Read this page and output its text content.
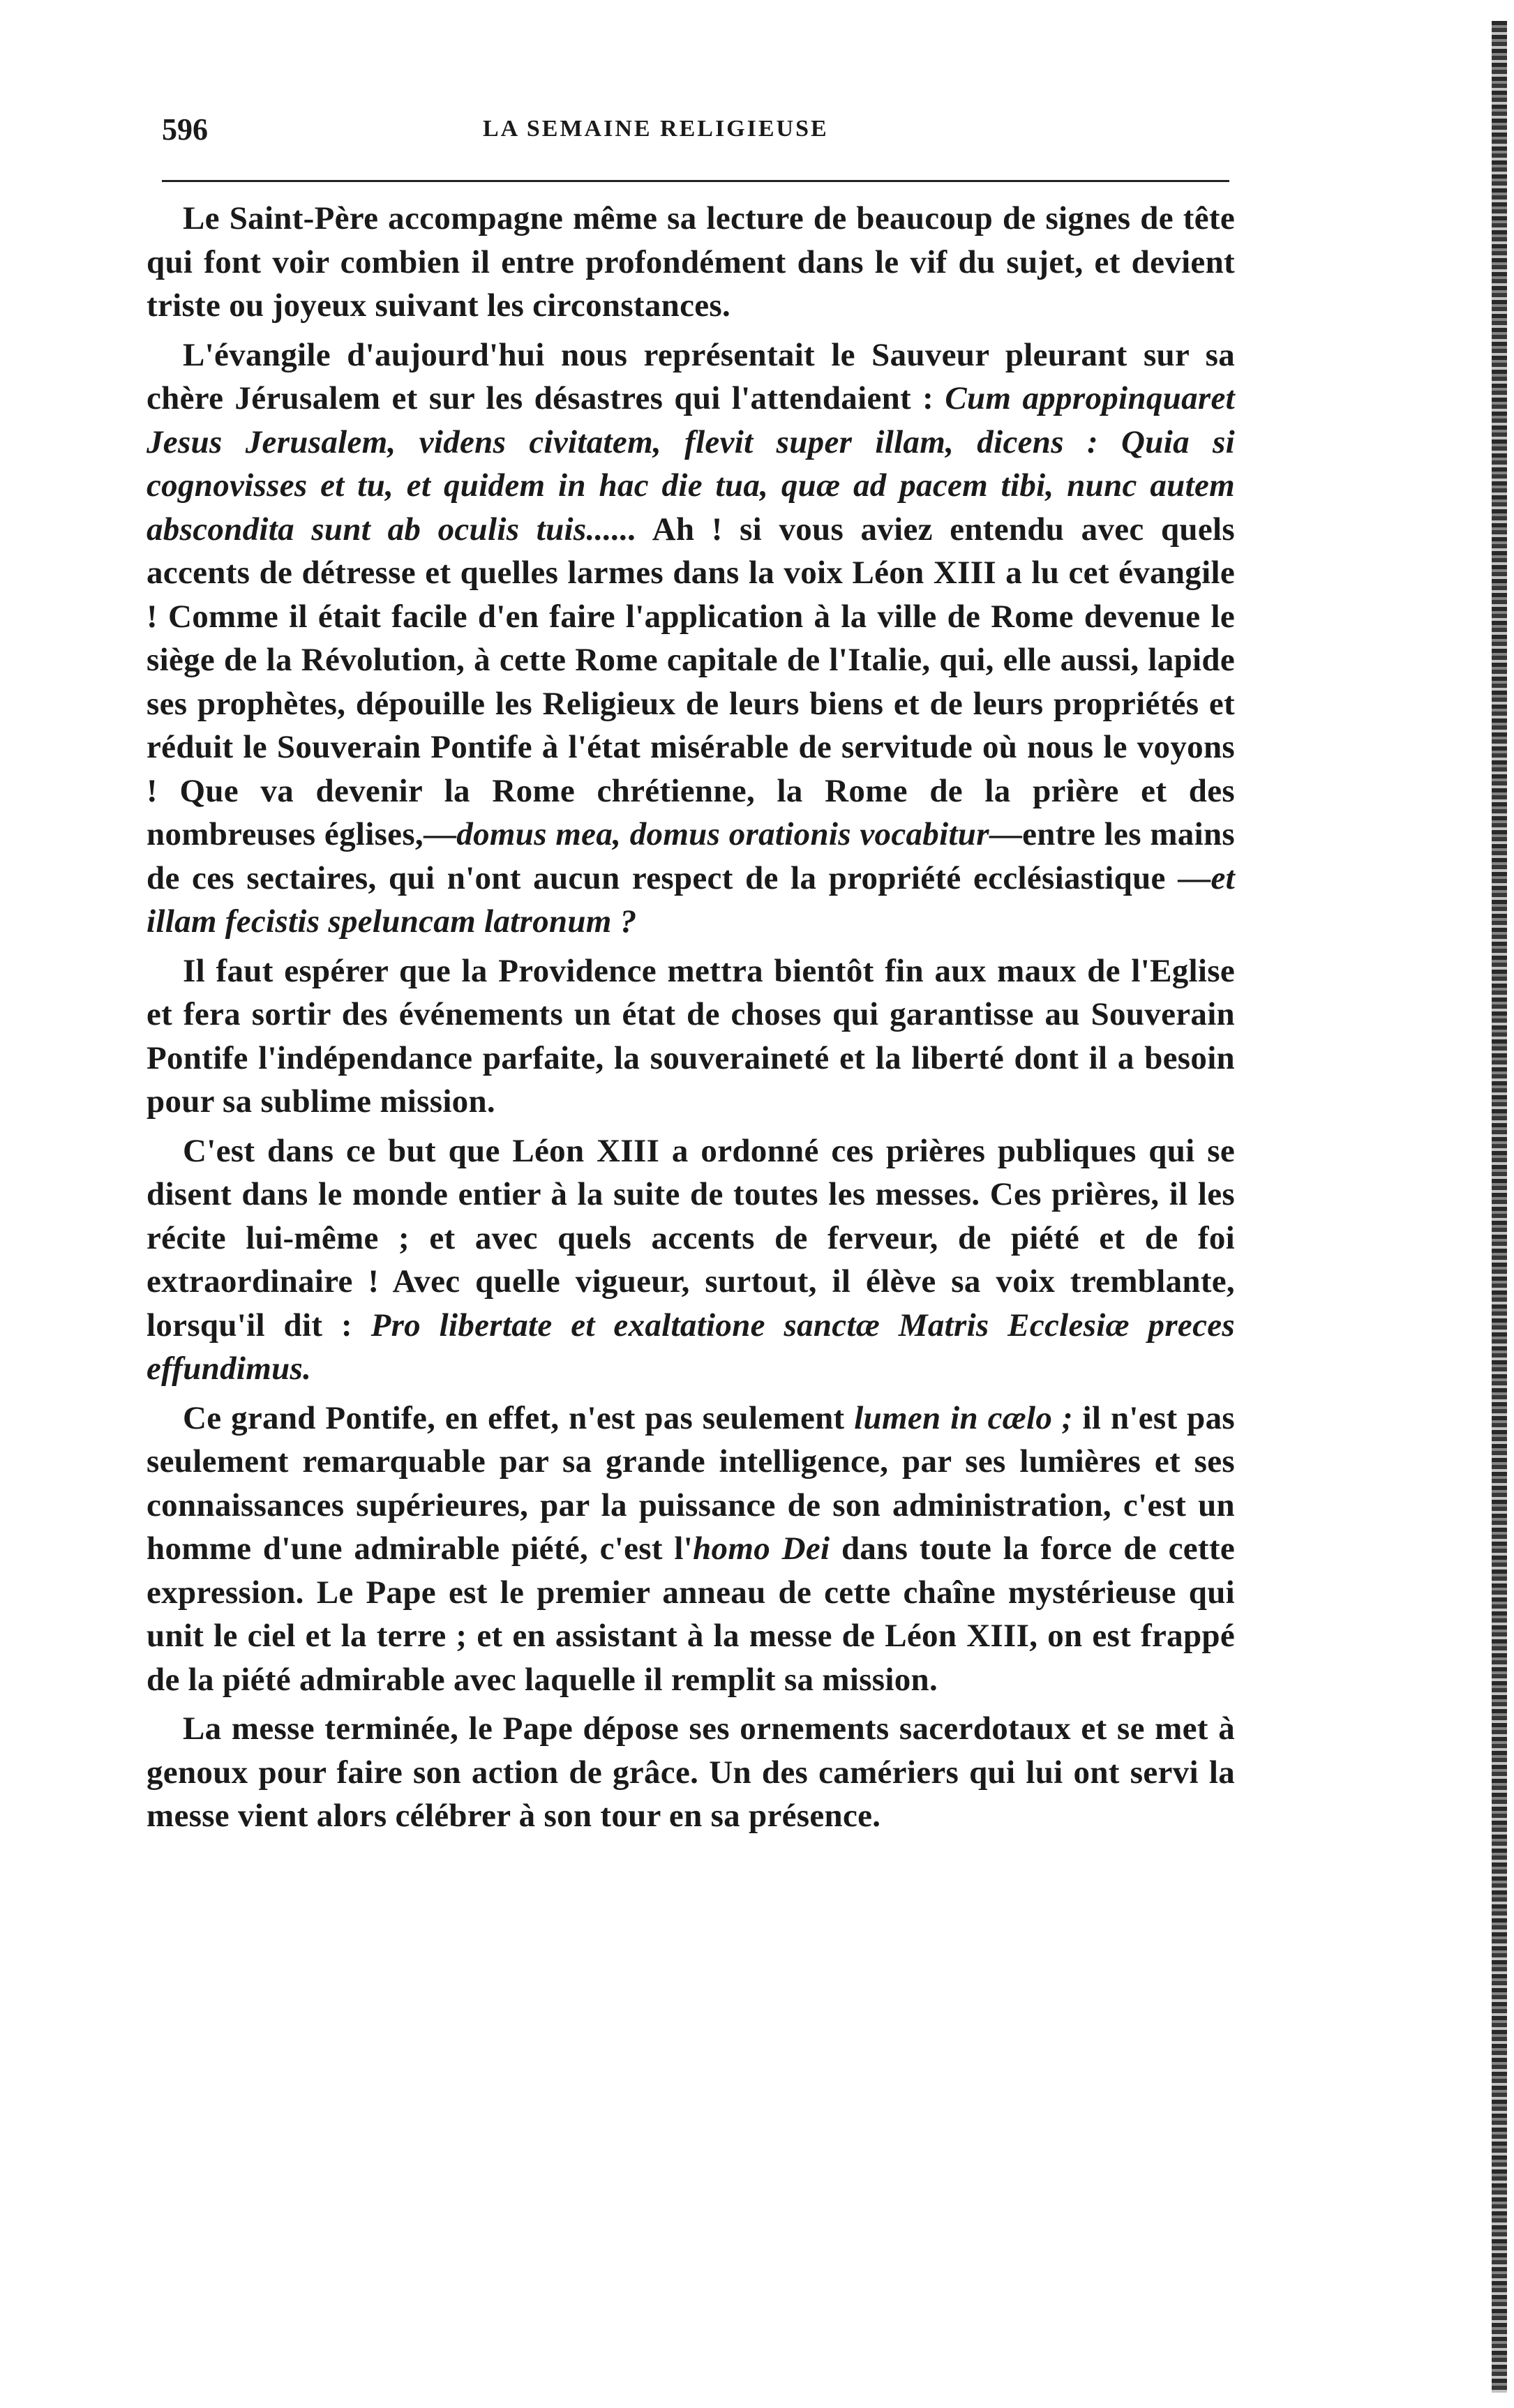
596	LA SEMAINE RELIGIEUSE

Le Saint-Père accompagne même sa lecture de beaucoup de signes de tête qui font voir combien il entre profondément dans le vif du sujet, et devient triste ou joyeux suivant les circonstances.

L'évangile d'aujourd'hui nous représentait le Sauveur pleurant sur sa chère Jérusalem et sur les désastres qui l'attendaient : Cum appropinquaret Jesus Jerusalem, videns civitatem, flevit super illam, dicens : Quia si cognovisses et tu, et quidem in hac die tua, quæ ad pacem tibi, nunc autem abscondita sunt ab oculis tuis...... Ah ! si vous aviez entendu avec quels accents de détresse et quelles larmes dans la voix Léon XIII a lu cet évangile ! Comme il était facile d'en faire l'application à la ville de Rome devenue le siège de la Révolution, à cette Rome capitale de l'Italie, qui, elle aussi, lapide ses prophètes, dépouille les Religieux de leurs biens et de leurs propriétés et réduit le Souverain Pontife à l'état misérable de servitude où nous le voyons ! Que va devenir la Rome chrétienne, la Rome de la prière et des nombreuses églises,—domus mea, domus orationis vocabitur—entre les mains de ces sectaires, qui n'ont aucun respect de la propriété ecclésiastique —et illam fecistis speluncam latronum ?

Il faut espérer que la Providence mettra bientôt fin aux maux de l'Eglise et fera sortir des événements un état de choses qui garantisse au Souverain Pontife l'indépendance parfaite, la souveraineté et la liberté dont il a besoin pour sa sublime mission.

C'est dans ce but que Léon XIII a ordonné ces prières publiques qui se disent dans le monde entier à la suite de toutes les messes. Ces prières, il les récite lui-même ; et avec quels accents de ferveur, de piété et de foi extraordinaire ! Avec quelle vigueur, surtout, il élève sa voix tremblante, lorsqu'il dit : Pro libertate et exaltatione sanctæ Matris Ecclesiæ preces effundimus.

Ce grand Pontife, en effet, n'est pas seulement lumen in cælo ; il n'est pas seulement remarquable par sa grande intelligence, par ses lumières et ses connaissances supérieures, par la puissance de son administration, c'est un homme d'une admirable piété, c'est l'homo Dei dans toute la force de cette expression. Le Pape est le premier anneau de cette chaîne mystérieuse qui unit le ciel et la terre ; et en assistant à la messe de Léon XIII, on est frappé de la piété admirable avec laquelle il remplit sa mission.

La messe terminée, le Pape dépose ses ornements sacerdotaux et se met à genoux pour faire son action de grâce. Un des camériers qui lui ont servi la messe vient alors célébrer à son tour en sa présence.
